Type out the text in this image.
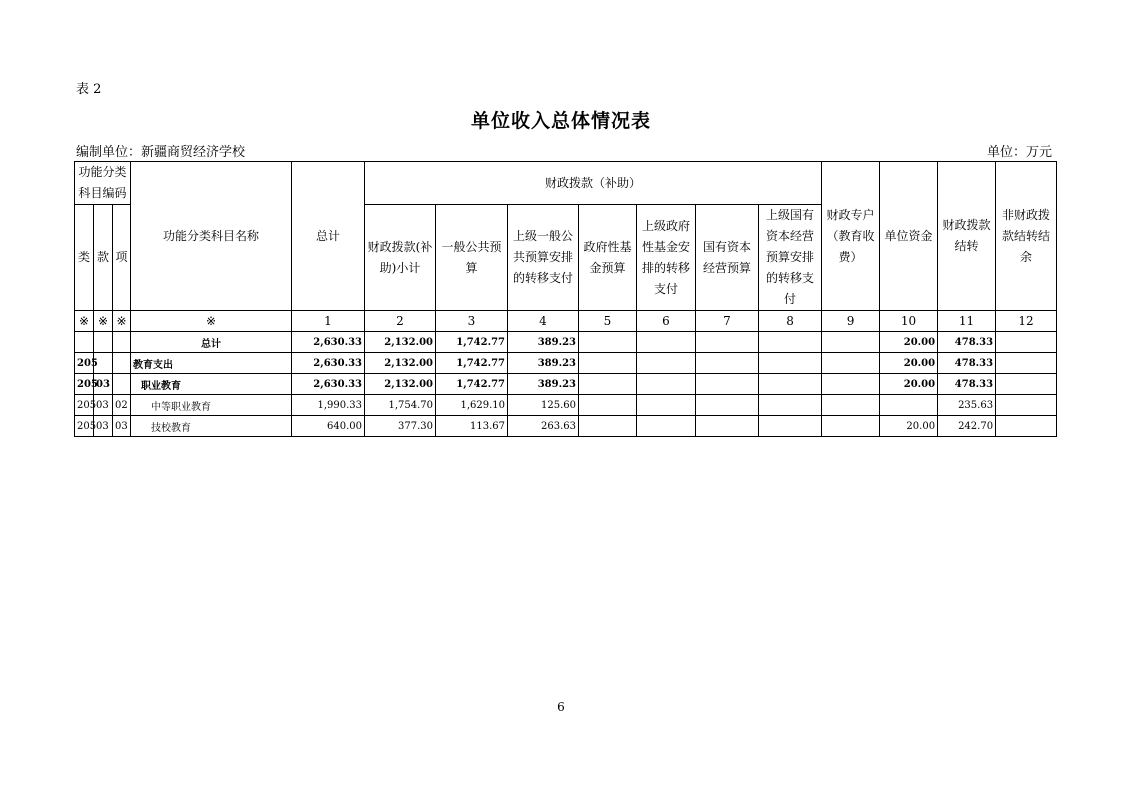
表 2
单位收入总体情况表
编制单位：新疆商贸经济学校	单位：万元
功能分类科目编码			功能分类科目名称	总计	财政拨款（补助）							财政专户（教育收费）	单位资金	财政拨款结转	非财政拨款结转结余
类	款	项			财政拨款(补助)小计	一般公共预算	上级一般公共预算安排的转移支付	政府性基金预算	上级政府性基金安排的转移支付	国有资本经营预算	上级国有资本经营预算安排的转移支付				
※	※	※	※	1	2	3	4	5	6	7	8	9	10	11	12
			总计	2,630.33	2,132.00	1,742.77	389.23						20.00	478.33	
205			教育支出	2,630.33	2,132.00	1,742.77	389.23						20.00	478.33	
205	03		职业教育	2,630.33	2,132.00	1,742.77	389.23						20.00	478.33	
205	03	02	中等职业教育	1,990.33	1,754.70	1,629.10	125.60							235.63	
205	03	03	技校教育	640.00	377.30	113.67	263.63						20.00	242.70	
6
